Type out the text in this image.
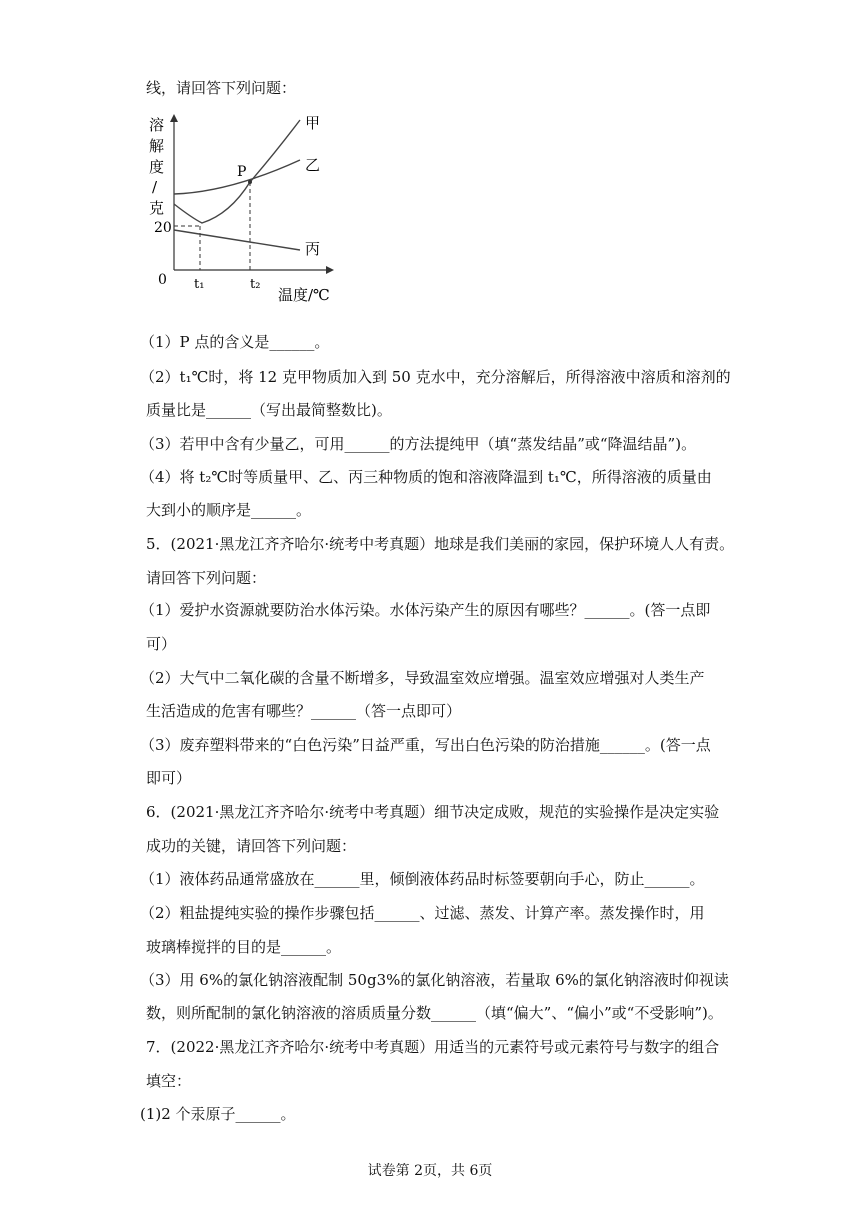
线，请回答下列问题：
溶
解
度
/
克
20
0 t₁	t₂
温度/℃
P
甲
乙
丙
（1）P 点的含义是______。
（2）t₁℃时，将 12 克甲物质加入到 50 克水中，充分溶解后，所得溶液中溶质和溶剂的
质量比是______（写出最简整数比)。
（3）若甲中含有少量乙，可用______的方法提纯甲（填“蒸发结晶”或“降温结晶”)。
（4）将 t₂℃时等质量甲、乙、丙三种物质的饱和溶液降温到 t₁℃，所得溶液的质量由
大到小的顺序是______。
5．(2021·黑龙江齐齐哈尔·统考中考真题）地球是我们美丽的家园，保护环境人人有责。
请回答下列问题：
（1）爱护水资源就要防治水体污染。水体污染产生的原因有哪些？______。(答一点即
可）
（2）大气中二氧化碳的含量不断增多，导致温室效应增强。温室效应增强对人类生产
生活造成的危害有哪些？______（答一点即可）
（3）废弃塑料带来的“白色污染”日益严重，写出白色污染的防治措施______。(答一点
即可）
6．(2021·黑龙江齐齐哈尔·统考中考真题）细节决定成败，规范的实验操作是决定实验
成功的关键，请回答下列问题：
（1）液体药品通常盛放在______里，倾倒液体药品时标签要朝向手心，防止______。
（2）粗盐提纯实验的操作步骤包括______、过滤、蒸发、计算产率。蒸发操作时，用
玻璃棒搅拌的目的是______。
（3）用 6%的氯化钠溶液配制 50g3%的氯化钠溶液，若量取 6%的氯化钠溶液时仰视读
数，则所配制的氯化钠溶液的溶质质量分数______（填“偏大”、“偏小”或“不受影响”)。
7．(2022·黑龙江齐齐哈尔·统考中考真题）用适当的元素符号或元素符号与数字的组合
填空：
(1)2 个汞原子______。
试卷第 2页，共 6页
